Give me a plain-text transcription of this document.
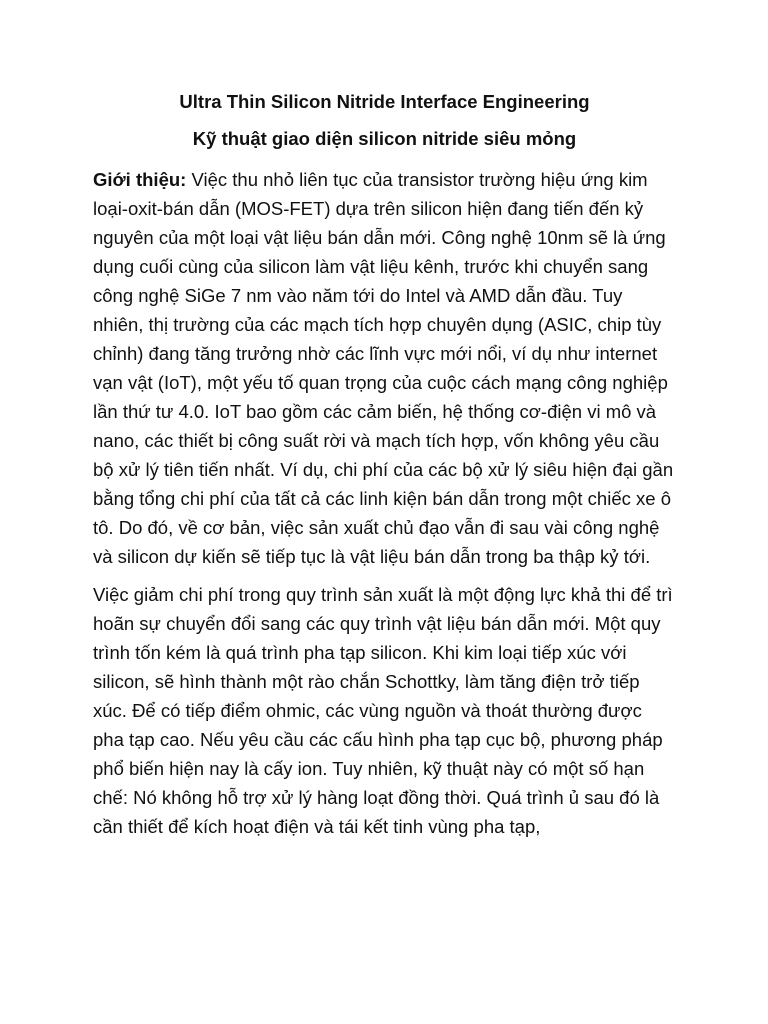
Ultra Thin Silicon Nitride Interface Engineering
Kỹ thuật giao diện silicon nitride siêu mỏng

Giới thiệu: Việc thu nhỏ liên tục của transistor trường hiệu ứng kim loại-oxit-bán dẫn (MOS-FET) dựa trên silicon hiện đang tiến đến kỷ nguyên của một loại vật liệu bán dẫn mới. Công nghệ 10nm sẽ là ứng dụng cuối cùng của silicon làm vật liệu kênh, trước khi chuyển sang công nghệ SiGe 7 nm vào năm tới do Intel và AMD dẫn đầu. Tuy nhiên, thị trường của các mạch tích hợp chuyên dụng (ASIC, chip tùy chỉnh) đang tăng trưởng nhờ các lĩnh vực mới nổi, ví dụ như internet vạn vật (IoT), một yếu tố quan trọng của cuộc cách mạng công nghiệp lần thứ tư 4.0. IoT bao gồm các cảm biến, hệ thống cơ-điện vi mô và nano, các thiết bị công suất rời và mạch tích hợp, vốn không yêu cầu bộ xử lý tiên tiến nhất. Ví dụ, chi phí của các bộ xử lý siêu hiện đại gần bằng tổng chi phí của tất cả các linh kiện bán dẫn trong một chiếc xe ô tô. Do đó, về cơ bản, việc sản xuất chủ đạo vẫn đi sau vài công nghệ và silicon dự kiến sẽ tiếp tục là vật liệu bán dẫn trong ba thập kỷ tới.

Việc giảm chi phí trong quy trình sản xuất là một động lực khả thi để trì hoãn sự chuyển đổi sang các quy trình vật liệu bán dẫn mới. Một quy trình tốn kém là quá trình pha tạp silicon. Khi kim loại tiếp xúc với silicon, sẽ hình thành một rào chắn Schottky, làm tăng điện trở tiếp xúc. Để có tiếp điểm ohmic, các vùng nguồn và thoát thường được pha tạp cao. Nếu yêu cầu các cấu hình pha tạp cục bộ, phương pháp phổ biến hiện nay là cấy ion. Tuy nhiên, kỹ thuật này có một số hạn chế: Nó không hỗ trợ xử lý hàng loạt đồng thời. Quá trình ủ sau đó là cần thiết để kích hoạt điện và tái kết tinh vùng pha tạp,
